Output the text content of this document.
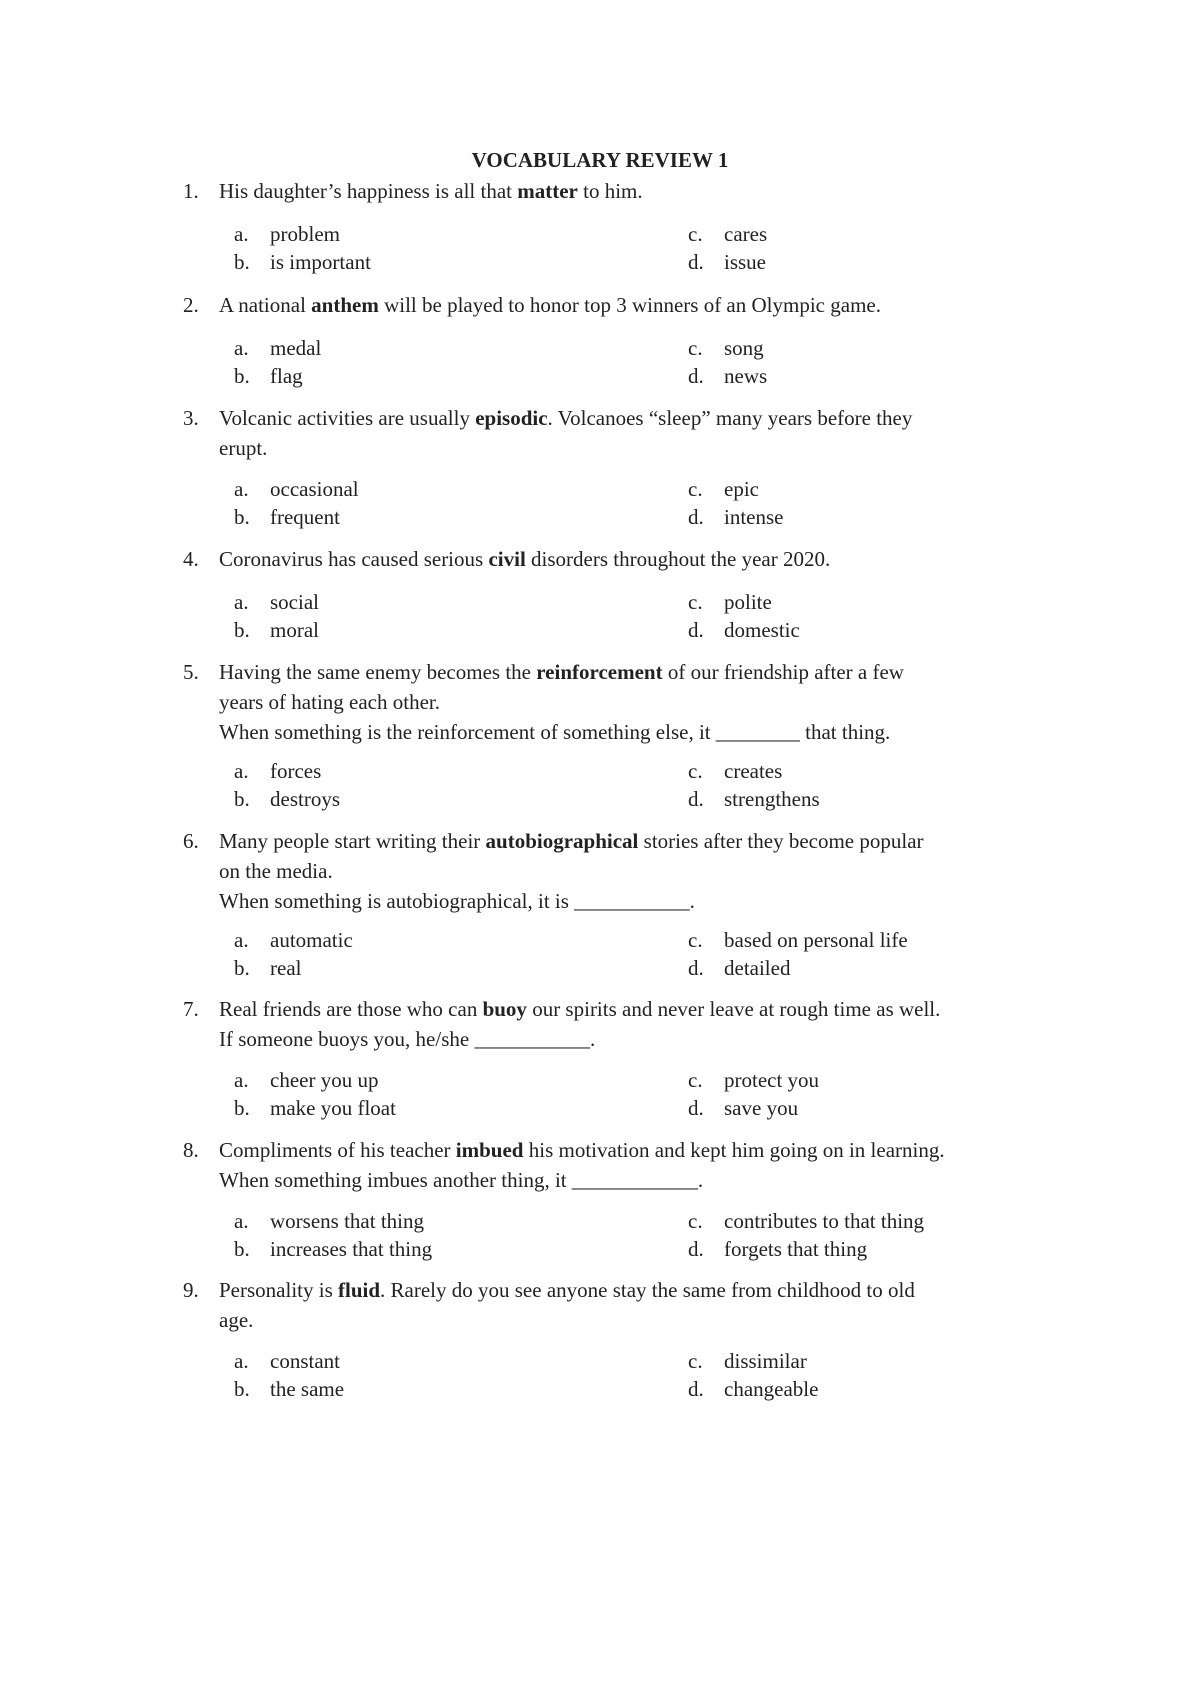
VOCABULARY REVIEW 1
1. His daughter’s happiness is all that matter to him.
a. problem
b. is important
c. cares
d. issue
2. A national anthem will be played to honor top 3 winners of an Olympic game.
a. medal
b. flag
c. song
d. news
3. Volcanic activities are usually episodic. Volcanoes “sleep” many years before they
erupt.
a. occasional
b. frequent
c. epic
d. intense
4. Coronavirus has caused serious civil disorders throughout the year 2020.
a. social
b. moral
c. polite
d. domestic
5. Having the same enemy becomes the reinforcement of our friendship after a few
years of hating each other.
When something is the reinforcement of something else, it ________ that thing.
a. forces
b. destroys
c. creates
d. strengthens
6. Many people start writing their autobiographical stories after they become popular
on the media.
When something is autobiographical, it is ___________.
a. automatic
b. real
c. based on personal life
d. detailed
7. Real friends are those who can buoy our spirits and never leave at rough time as well.
If someone buoys you, he/she ___________.
a. cheer you up
b. make you float
c. protect you
d. save you
8. Compliments of his teacher imbued his motivation and kept him going on in learning.
When something imbues another thing, it ____________.
a. worsens that thing
b. increases that thing
c. contributes to that thing
d. forgets that thing
9. Personality is fluid. Rarely do you see anyone stay the same from childhood to old
age.
a. constant
b. the same
c. dissimilar
d. changeable
